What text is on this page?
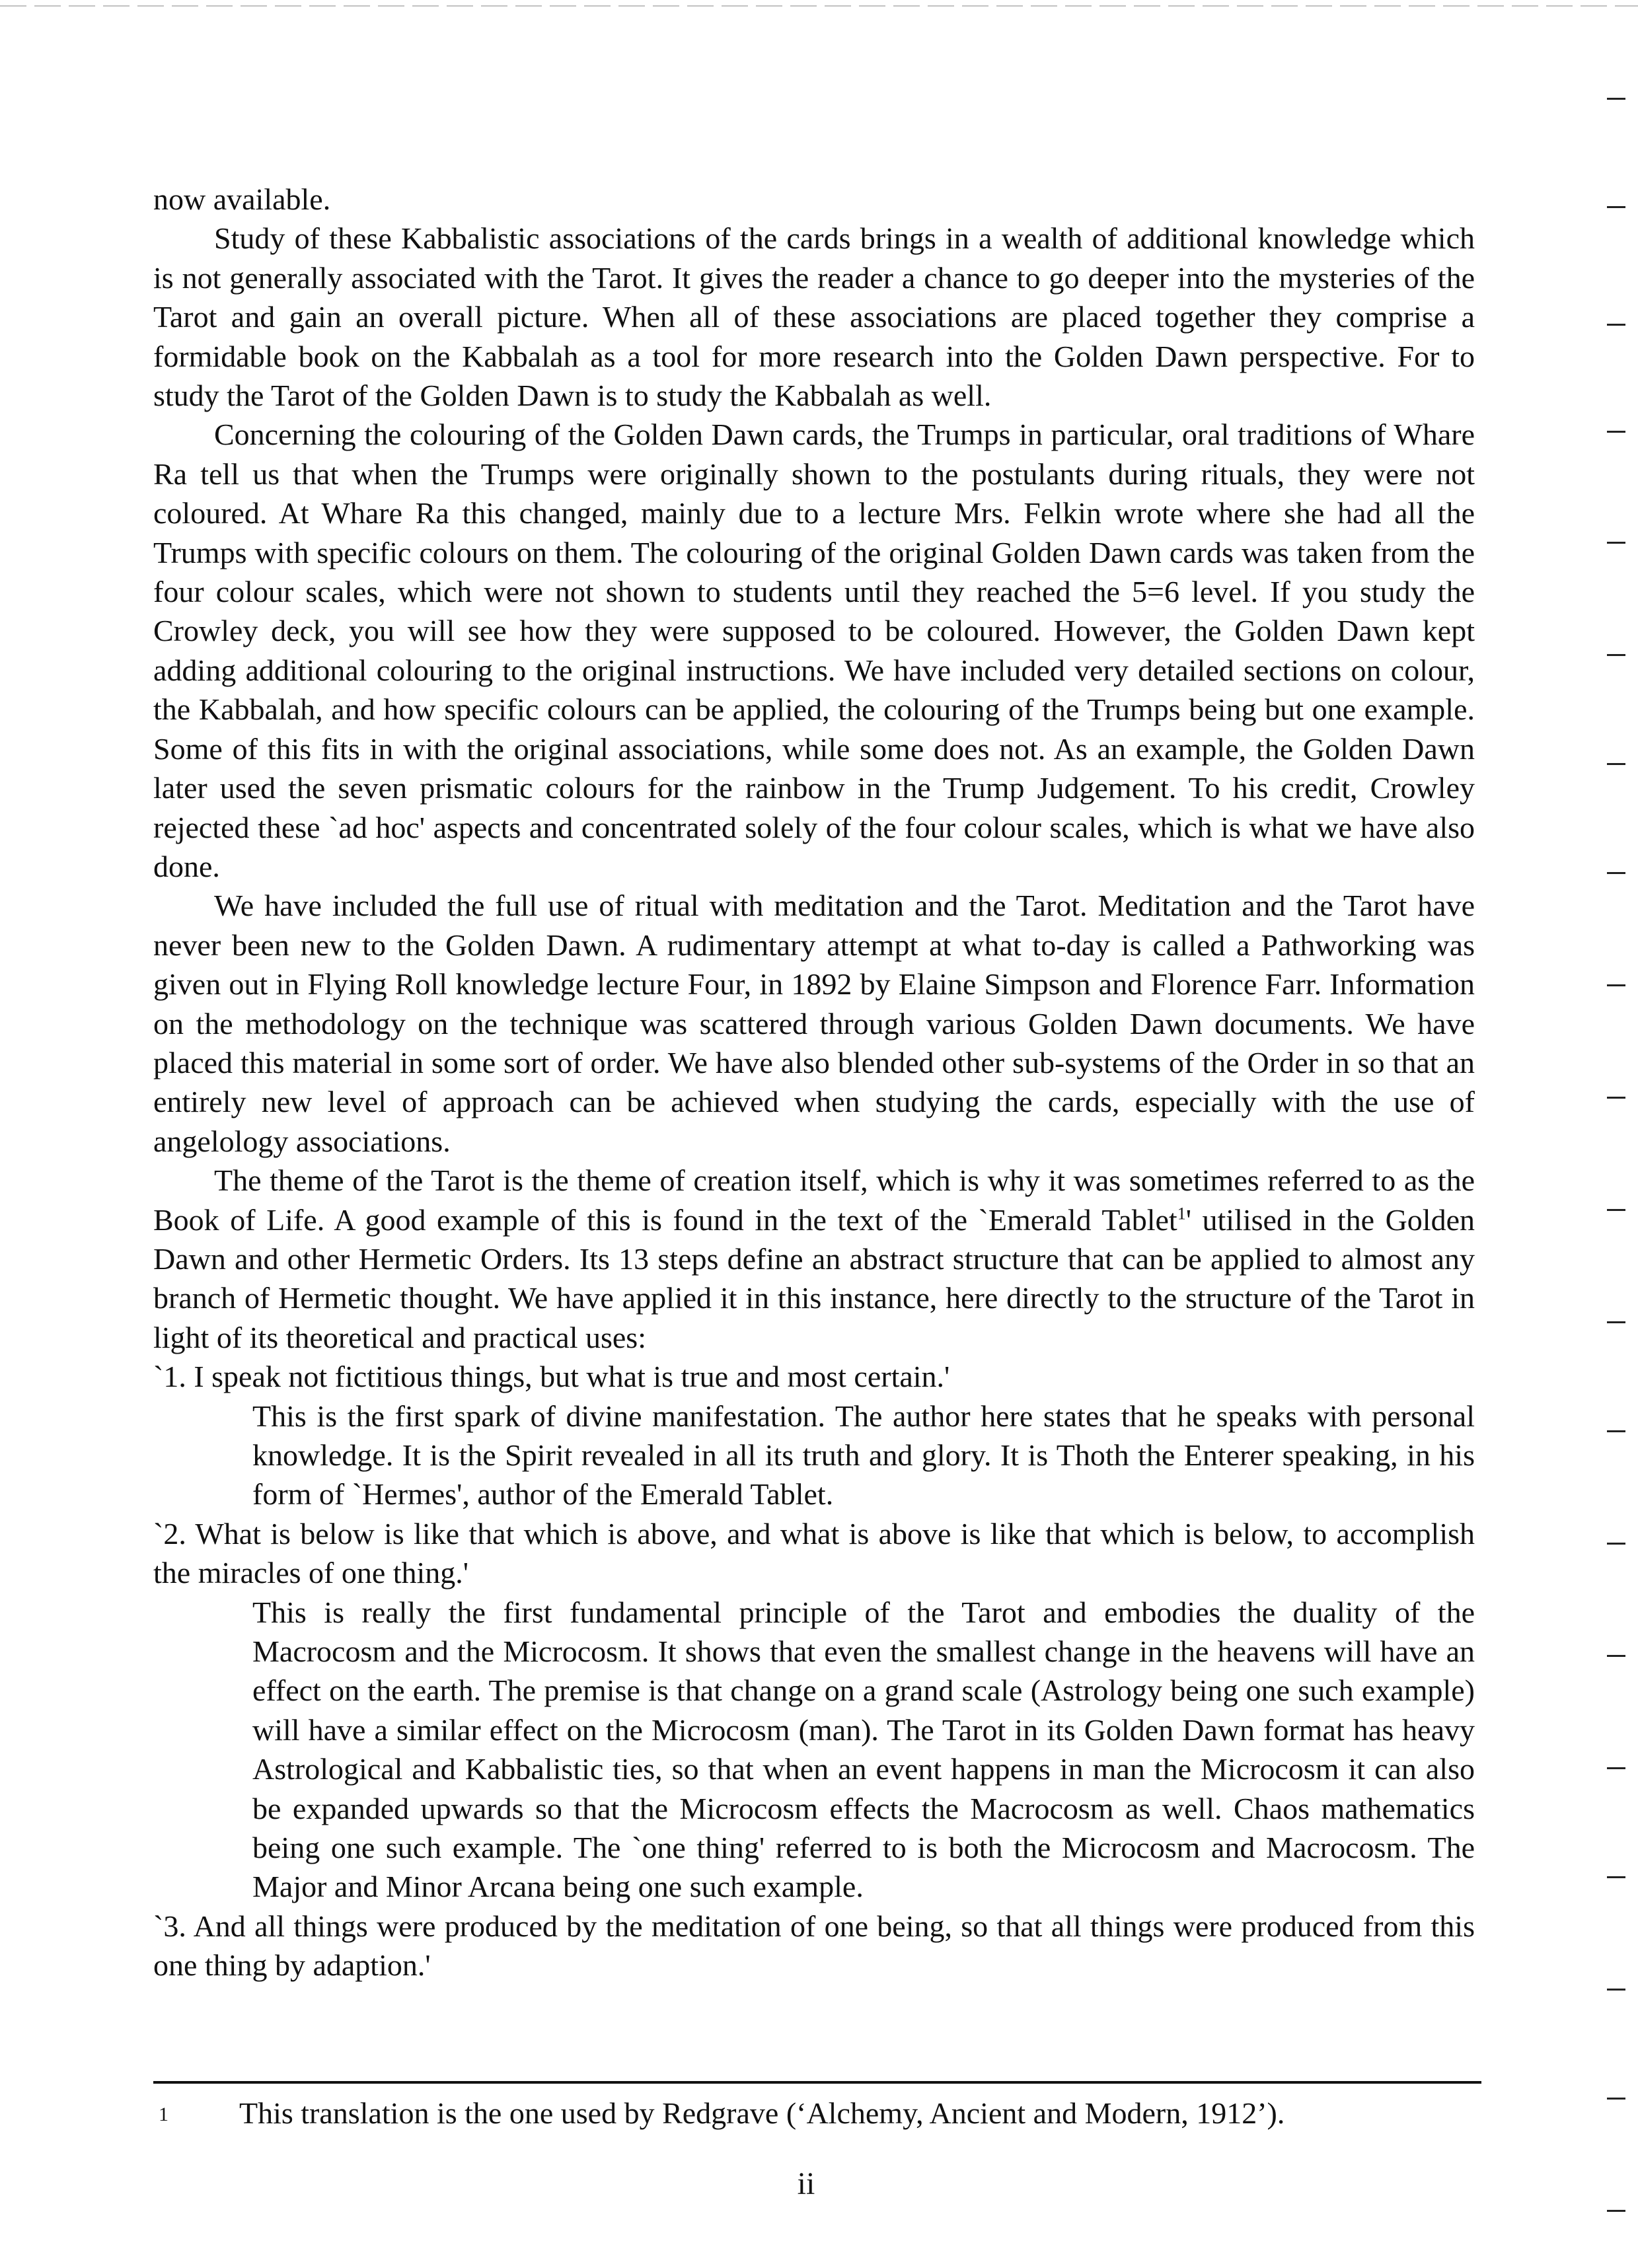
now available.

Study of these Kabbalistic associations of the cards brings in a wealth of additional knowledge which is not generally associated with the Tarot. It gives the reader a chance to go deeper into the mysteries of the Tarot and gain an overall picture. When all of these associations are placed together they comprise a formidable book on the Kabbalah as a tool for more research into the Golden Dawn perspective. For to study the Tarot of the Golden Dawn is to study the Kabbalah as well.

Concerning the colouring of the Golden Dawn cards, the Trumps in particular, oral traditions of Whare Ra tell us that when the Trumps were originally shown to the postulants during rituals, they were not coloured. At Whare Ra this changed, mainly due to a lecture Mrs. Felkin wrote where she had all the Trumps with specific colours on them. The colouring of the original Golden Dawn cards was taken from the four colour scales, which were not shown to students until they reached the 5=6 level. If you study the Crowley deck, you will see how they were supposed to be coloured. However, the Golden Dawn kept adding additional colouring to the original instructions. We have included very detailed sections on colour, the Kabbalah, and how specific colours can be applied, the colouring of the Trumps being but one example. Some of this fits in with the original associations, while some does not. As an example, the Golden Dawn later used the seven prismatic colours for the rainbow in the Trump Judgement. To his credit, Crowley rejected these `ad hoc' aspects and concentrated solely of the four colour scales, which is what we have also done.

We have included the full use of ritual with meditation and the Tarot. Meditation and the Tarot have never been new to the Golden Dawn. A rudimentary attempt at what to-day is called a Pathworking was given out in Flying Roll knowledge lecture Four, in 1892 by Elaine Simpson and Florence Farr. Information on the methodology on the technique was scattered through various Golden Dawn documents. We have placed this material in some sort of order. We have also blended other sub-systems of the Order in so that an entirely new level of approach can be achieved when studying the cards, especially with the use of angelology associations.

The theme of the Tarot is the theme of creation itself, which is why it was sometimes referred to as the Book of Life. A good example of this is found in the text of the `Emerald Tablet$^1$' utilised in the Golden Dawn and other Hermetic Orders. Its 13 steps define an abstract structure that can be applied to almost any branch of Hermetic thought. We have applied it in this instance, here directly to the structure of the Tarot in light of its theoretical and practical uses:

`1. I speak not fictitious things, but what is true and most certain.'

This is the first spark of divine manifestation. The author here states that he speaks with personal knowledge. It is the Spirit revealed in all its truth and glory. It is Thoth the Enterer speaking, in his form of `Hermes', author of the Emerald Tablet.

`2. What is below is like that which is above, and what is above is like that which is below, to accomplish the miracles of one thing.'

This is really the first fundamental principle of the Tarot and embodies the duality of the Macrocosm and the Microcosm. It shows that even the smallest change in the heavens will have an effect on the earth. The premise is that change on a grand scale (Astrology being one such example) will have a similar effect on the Microcosm (man). The Tarot in its Golden Dawn format has heavy Astrological and Kabbalistic ties, so that when an event happens in man the Microcosm it can also be expanded upwards so that the Microcosm effects the Macrocosm as well. Chaos mathematics being one such example. The `one thing' referred to is both the Microcosm and Macrocosm. The Major and Minor Arcana being one such example.

`3. And all things were produced by the meditation of one being, so that all things were produced from this one thing by adaption.'

1 This translation is the one used by Redgrave (‘Alchemy, Ancient and Modern, 1912’).
ii
